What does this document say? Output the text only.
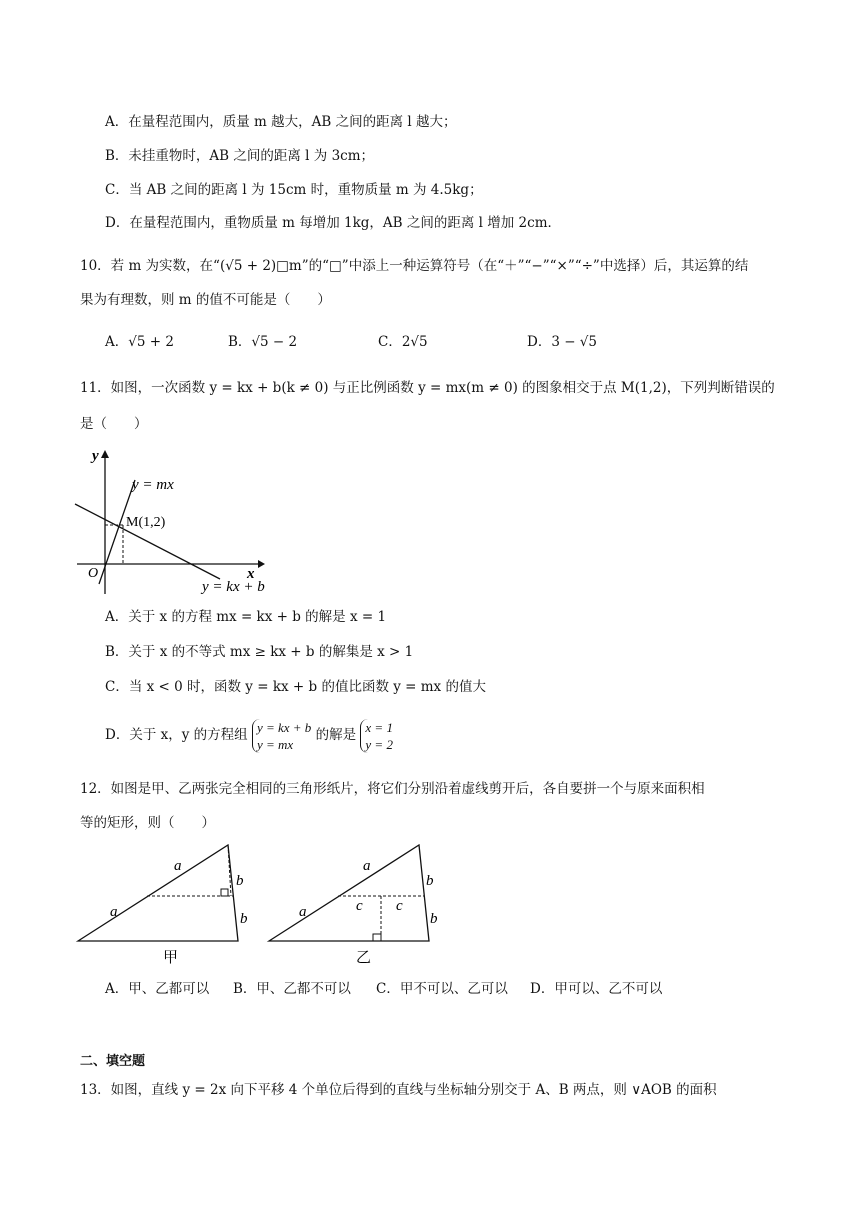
A．在量程范围内，质量 m 越大，AB 之间的距离 l 越大；
B．未挂重物时，AB 之间的距离 l 为 3cm；
C．当 AB 之间的距离 l 为 15cm 时，重物质量 m 为 4.5kg；
D．在量程范围内，重物质量 m 每增加 1kg，AB 之间的距离 l 增加 2cm．
10．若 m 为实数，在“(√5 + 2)□m”的“□”中添上一种运算符号（在“＋”“−”“×”“÷”中选择）后，其运算的结
果为有理数，则 m 的值不可能是（　　）
A．√5 + 2	B．√5 − 2	C．2√5	D．3 − √5
11．如图，一次函数 y = kx + b(k ≠ 0) 与正比例函数 y = mx(m ≠ 0) 的图象相交于点 M(1,2)，下列判断错误的
是（　　）
y
x
O
y = mx
M(1,2)
y = kx + b
A．关于 x 的方程 mx = kx + b 的解是 x = 1
B．关于 x 的不等式 mx ≥ kx + b 的解集是 x > 1
C．当 x < 0 时，函数 y = kx + b 的值比函数 y = mx 的值大
D．关于 x，y 的方程组 y = kx + b
y = mx 的解是 x = 1
y = 2
12．如图是甲、乙两张完全相同的三角形纸片，将它们分别沿着虚线剪开后，各自要拼一个与原来面积相
等的矩形，则（　　）
a
a
b
b
甲
a
a	c c
b
b
乙
A．甲、乙都可以 B．甲、乙都不可以 C．甲不可以、乙可以 D．甲可以、乙不可以
二、填空题
13．如图，直线 y = 2x 向下平移 4 个单位后得到的直线与坐标轴分别交于 A、B 两点，则 ∨AOB 的面积
